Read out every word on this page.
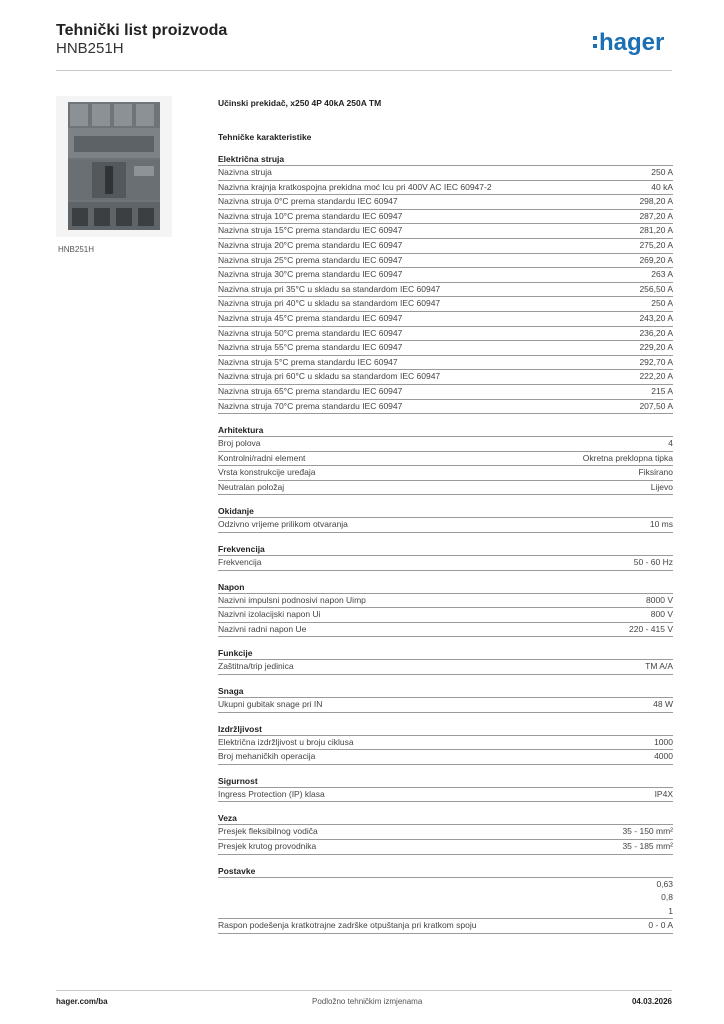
Tehnički list proizvoda
HNB251H	hager
HNB251H
Učinski prekidač, x250 4P 40kA 250A TM
Tehničke karakteristike
Električna struja
Nazivna struja	250 A
Nazivna krajnja kratkospojna prekidna moć Icu pri 400V AC IEC 60947-2	40 kA
Nazivna struja 0°C prema standardu IEC 60947	298,20 A
Nazivna struja 10°C prema standardu IEC 60947	287,20 A
Nazivna struja 15°C prema standardu IEC 60947	281,20 A
Nazivna struja 20°C prema standardu IEC 60947	275,20 A
Nazivna struja 25°C prema standardu IEC 60947	269,20 A
Nazivna struja 30°C prema standardu IEC 60947	263 A
Nazivna struja pri 35°C u skladu sa standardom IEC 60947	256,50 A
Nazivna struja pri 40°C u skladu sa standardom IEC 60947	250 A
Nazivna struja 45°C prema standardu IEC 60947	243,20 A
Nazivna struja 50°C prema standardu IEC 60947	236,20 A
Nazivna struja 55°C prema standardu IEC 60947	229,20 A
Nazivna struja 5°C prema standardu IEC 60947	292,70 A
Nazivna struja pri 60°C u skladu sa standardom IEC 60947	222,20 A
Nazivna struja 65°C prema standardu IEC 60947	215 A
Nazivna struja 70°C prema standardu IEC 60947	207,50 A
Arhitektura
Broj polova	4
Kontrolni/radni element	Okretna preklopna tipka
Vrsta konstrukcije uređaja	Fiksirano
Neutralan položaj	Lijevo
Okidanje
Odzivno vrijeme prilikom otvaranja	10 ms
Frekvencija
Frekvencija	50 - 60 Hz
Napon
Nazivni impulsni podnosivi napon Uimp	8000 V
Nazivni izolacijski napon Ui	800 V
Nazivni radni napon Ue	220 - 415 V
Funkcije
Zaštitna/trip jedinica	TM A/A
Snaga
Ukupni gubitak snage pri IN	48 W
Izdržljivost
Električna izdržljivost u broju ciklusa	1000
Broj mehaničkih operacija	4000
Sigurnost
Ingress Protection (IP) klasa	IP4X
Veza
Presjek fleksibilnog vodiča	35 - 150 mm²
Presjek krutog provodnika	35 - 185 mm²
Postavke
0,63
0,8
1
Raspon podešenja kratkotrajne zadrške otpuštanja pri kratkom spoju	0 - 0 A
hager.com/ba	Podložno tehničkim izmjenama	04.03.2026
